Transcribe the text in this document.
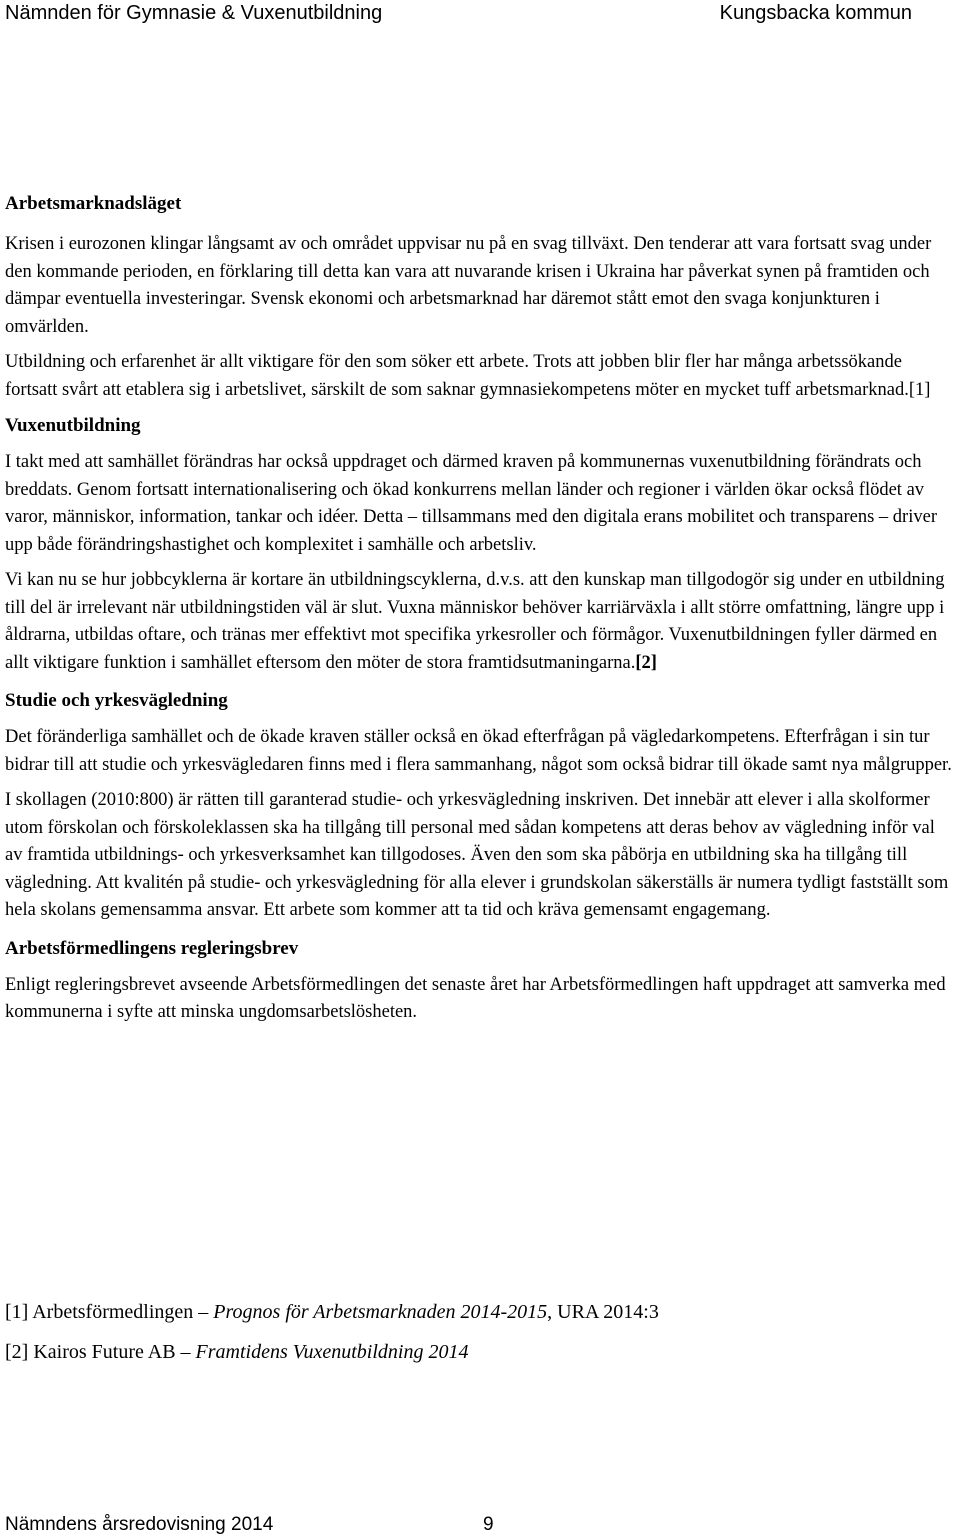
Nämnden för Gymnasie & Vuxenutbildning	Kungsbacka kommun
Arbetsmarknadsläget

Krisen i eurozonen klingar långsamt av och området uppvisar nu på en svag tillväxt. Den tenderar att vara fortsatt svag under den kommande perioden, en förklaring till detta kan vara att nuvarande krisen i Ukraina har påverkat synen på framtiden och dämpar eventuella investeringar. Svensk ekonomi och arbetsmarknad har däremot stått emot den svaga konjunkturen i omvärlden.

Utbildning och erfarenhet är allt viktigare för den som söker ett arbete. Trots att jobben blir fler har många arbetssökande fortsatt svårt att etablera sig i arbetslivet, särskilt de som saknar gymnasiekompetens möter en mycket tuff arbetsmarknad.[1]

Vuxenutbildning

I takt med att samhället förändras har också uppdraget och därmed kraven på kommunernas vuxenutbildning förändrats och breddats. Genom fortsatt internationalisering och ökad konkurrens mellan länder och regioner i världen ökar också flödet av varor, människor, information, tankar och idéer. Detta – tillsammans med den digitala erans mobilitet och transparens – driver upp både förändringshastighet och komplexitet i samhälle och arbetsliv.

Vi kan nu se hur jobbcyklerna är kortare än utbildningscyklerna, d.v.s. att den kunskap man tillgodogör sig under en utbildning till del är irrelevant när utbildningstiden väl är slut. Vuxna människor behöver karriärväxla i allt större omfattning, längre upp i åldrarna, utbildas oftare, och tränas mer effektivt mot specifika yrkesroller och förmågor. Vuxenutbildningen fyller därmed en allt viktigare funktion i samhället eftersom den möter de stora framtidsutmaningarna.[2]

Studie och yrkesvägledning

Det föränderliga samhället och de ökade kraven ställer också en ökad efterfrågan på vägledarkompetens. Efterfrågan i sin tur bidrar till att studie och yrkesvägledaren finns med i flera sammanhang, något som också bidrar till ökade samt nya målgrupper.

I skollagen (2010:800) är rätten till garanterad studie- och yrkesvägledning inskriven. Det innebär att elever i alla skolformer utom förskolan och förskoleklassen ska ha tillgång till personal med sådan kompetens att deras behov av vägledning inför val av framtida utbildnings- och yrkesverksamhet kan tillgodoses. Även den som ska påbörja en utbildning ska ha tillgång till vägledning. Att kvalitén på studie- och yrkesvägledning för alla elever i grundskolan säkerställs är numera tydligt fastställt som hela skolans gemensamma ansvar. Ett arbete som kommer att ta tid och kräva gemensamt engagemang.

Arbetsförmedlingens regleringsbrev

Enligt regleringsbrevet avseende Arbetsförmedlingen det senaste året har Arbetsförmedlingen haft uppdraget att samverka med kommunerna i syfte att minska ungdomsarbetslösheten.

[1] Arbetsförmedlingen – Prognos för Arbetsmarknaden 2014-2015, URA 2014:3
[2] Kairos Future AB – Framtidens Vuxenutbildning 2014
Nämndens årsredovisning 2014	9
